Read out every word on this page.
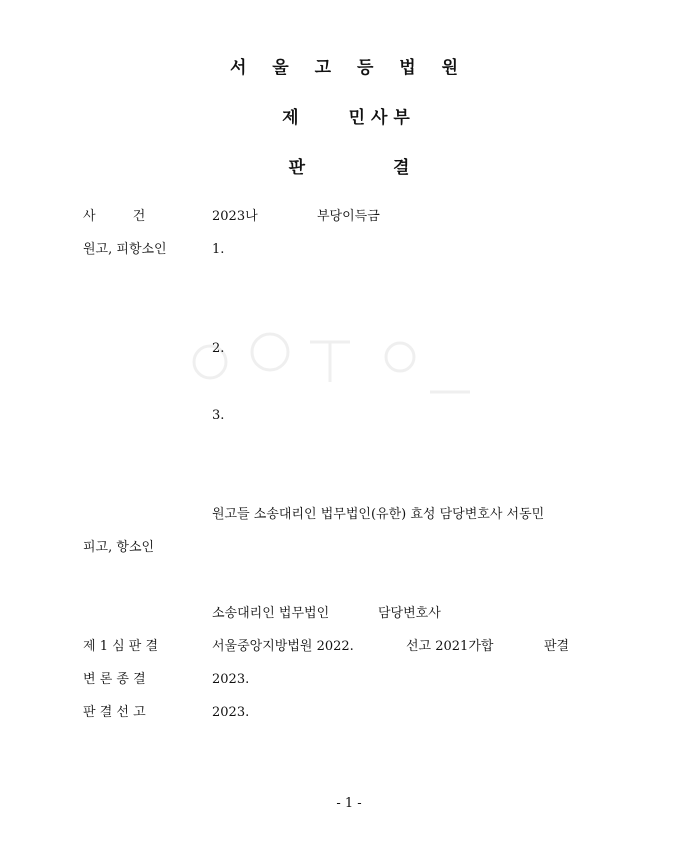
서 울 고 등 법 원
제	민사부
판	결
사         건	2023나	부당이득금
원고, 피항소인	1.
2.
3.
원고들 소송대리인 법무법인(유한) 효성 담당변호사 서동민
피고, 항소인
소송대리인 법무법인	담당변호사
제 1 심 판 결	서울중앙지방법원 2022.	선고 2021가합	판결
변 론 종 결	2023.
판 결 선 고	2023.
- 1 -
